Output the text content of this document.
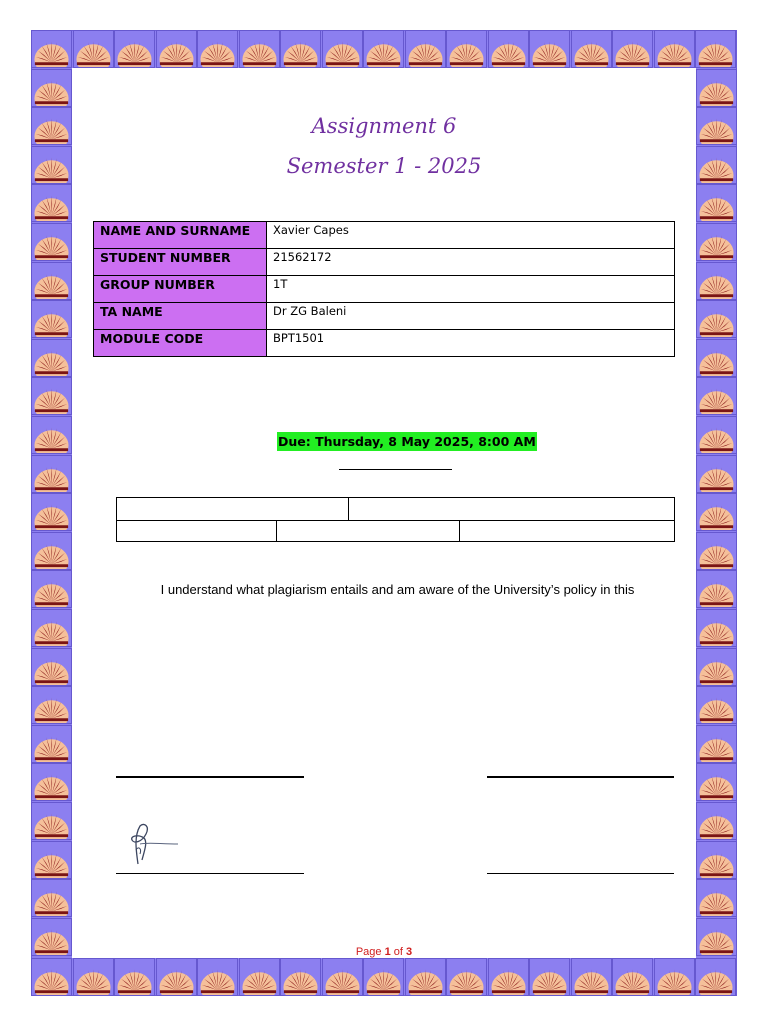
Assignment 6
Semester 1 - 2025
NAME AND SURNAME	Xavier Capes
STUDENT NUMBER	21562172
GROUP NUMBER	1T
TA NAME	Dr ZG Baleni
MODULE CODE	BPT1501
Due: Thursday, 8 May 2025, 8:00 AM
I understand what plagiarism entails and am aware of the University’s policy in this
Page 1 of 3
